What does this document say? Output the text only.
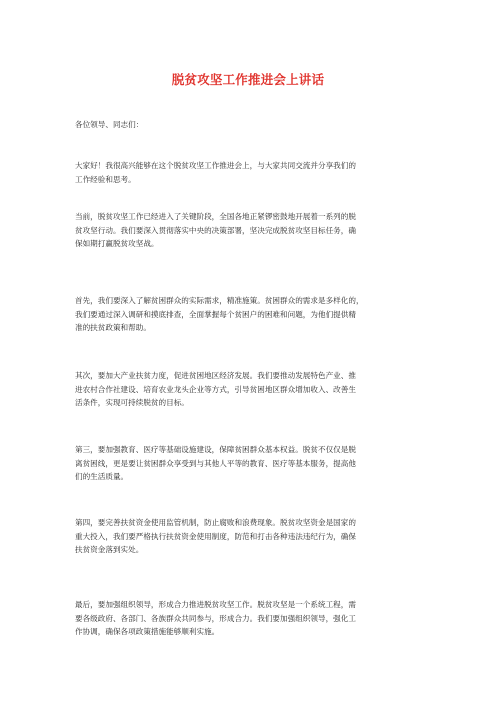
脱贫攻坚工作推进会上讲话
各位领导、同志们：
大家好！我很高兴能够在这个脱贫攻坚工作推进会上，与大家共同交流并分享我们的
工作经验和思考。
当前，脱贫攻坚工作已经进入了关键阶段，全国各地正紧锣密鼓地开展着一系列的脱
贫攻坚行动。我们要深入贯彻落实中央的决策部署，坚决完成脱贫攻坚目标任务，确
保如期打赢脱贫攻坚战。
首先，我们要深入了解贫困群众的实际需求，精准施策。贫困群众的需求是多样化的，
我们要通过深入调研和摸底排查，全面掌握每个贫困户的困难和问题，为他们提供精
准的扶贫政策和帮助。
其次，要加大产业扶贫力度，促进贫困地区经济发展。我们要推动发展特色产业、推
进农村合作社建设、培育农业龙头企业等方式，引导贫困地区群众增加收入、改善生
活条件，实现可持续脱贫的目标。
第三，要加强教育、医疗等基础设施建设，保障贫困群众基本权益。脱贫不仅仅是脱
离贫困线，更是要让贫困群众享受到与其他人平等的教育、医疗等基本服务，提高他
们的生活质量。
第四，要完善扶贫资金使用监管机制，防止腐败和浪费现象。脱贫攻坚资金是国家的
重大投入，我们要严格执行扶贫资金使用制度，防范和打击各种违法违纪行为，确保
扶贫资金落到实处。
最后，要加强组织领导，形成合力推进脱贫攻坚工作。脱贫攻坚是一个系统工程，需
要各级政府、各部门、各族群众共同参与，形成合力。我们要加强组织领导，强化工
作协调，确保各项政策措施能够顺利实施。
